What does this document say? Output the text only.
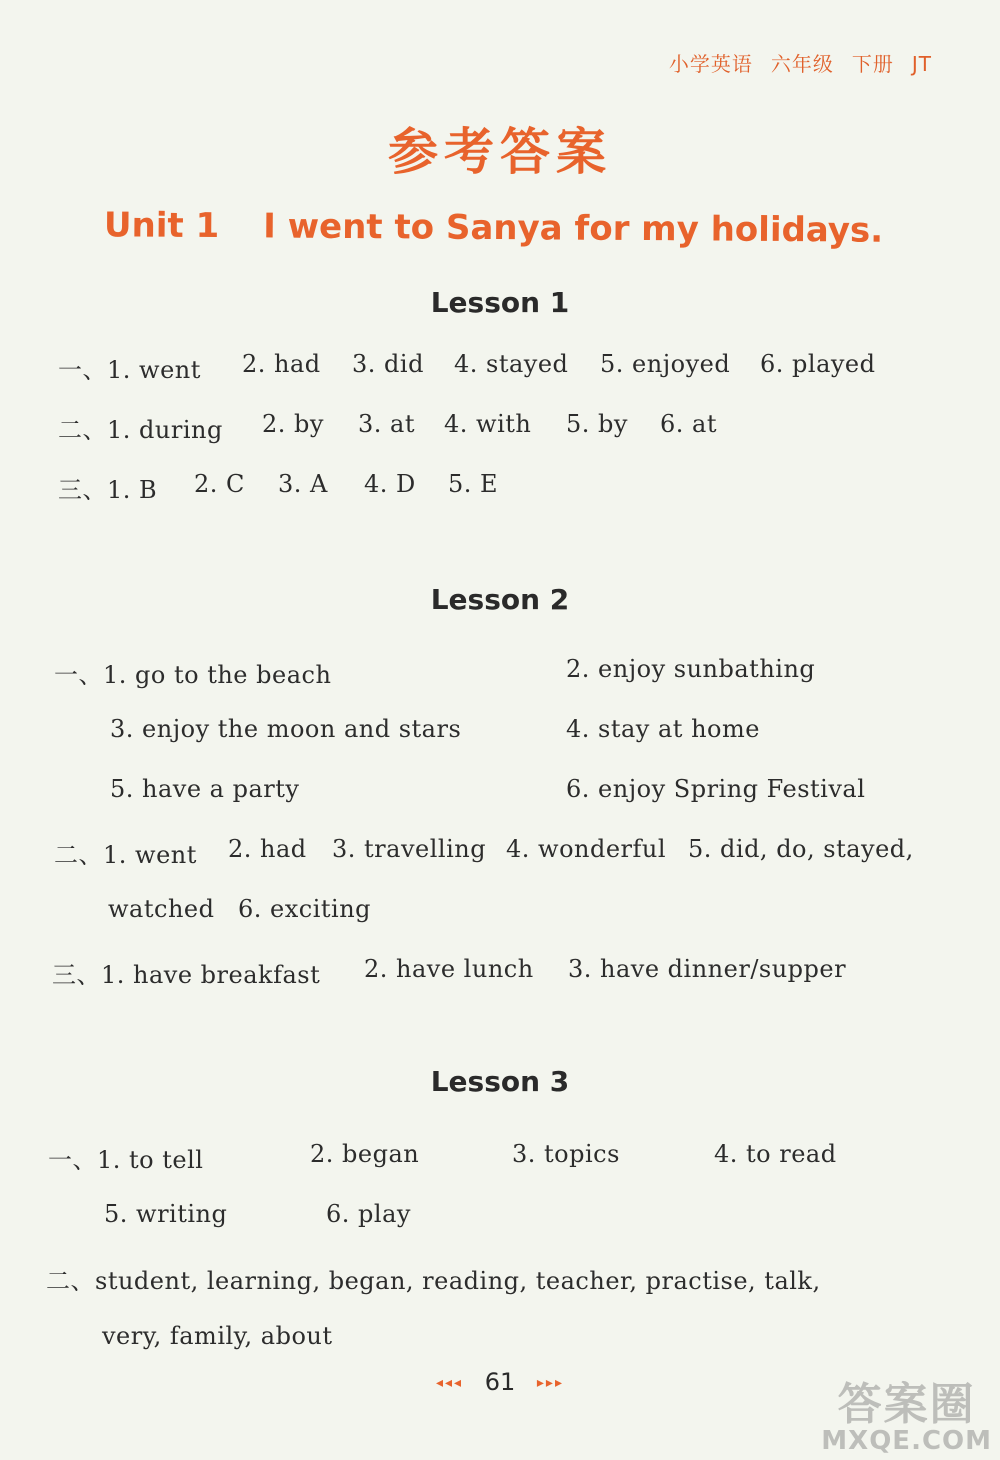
小学英语 六年级 下册 JT
参考答案
Unit 1 I went to Sanya for my holidays.
Lesson 1
一、1. went 2. had 3. did 4. stayed 5. enjoyed 6. played
二、1. during 2. by 3. at 4. with 5. by 6. at
三、1. B 2. C 3. A 4. D 5. E
Lesson 2
一、1. go to the beach	2. enjoy sunbathing
3. enjoy the moon and stars	4. stay at home
5. have a party	6. enjoy Spring Festival
二、1. went 2. had 3. travelling 4. wonderful 5. did, do, stayed,
watched 6. exciting
三、1. have breakfast 2. have lunch 3. have dinner/supper
Lesson 3
一、1. to tell	2. began	3. topics	4. to read
5. writing	6. play
二、student, learning, began, reading, teacher, practise, talk,
very, family, about
◂◂◂ 61 ▸▸▸	答案圈
MXQE.COM
